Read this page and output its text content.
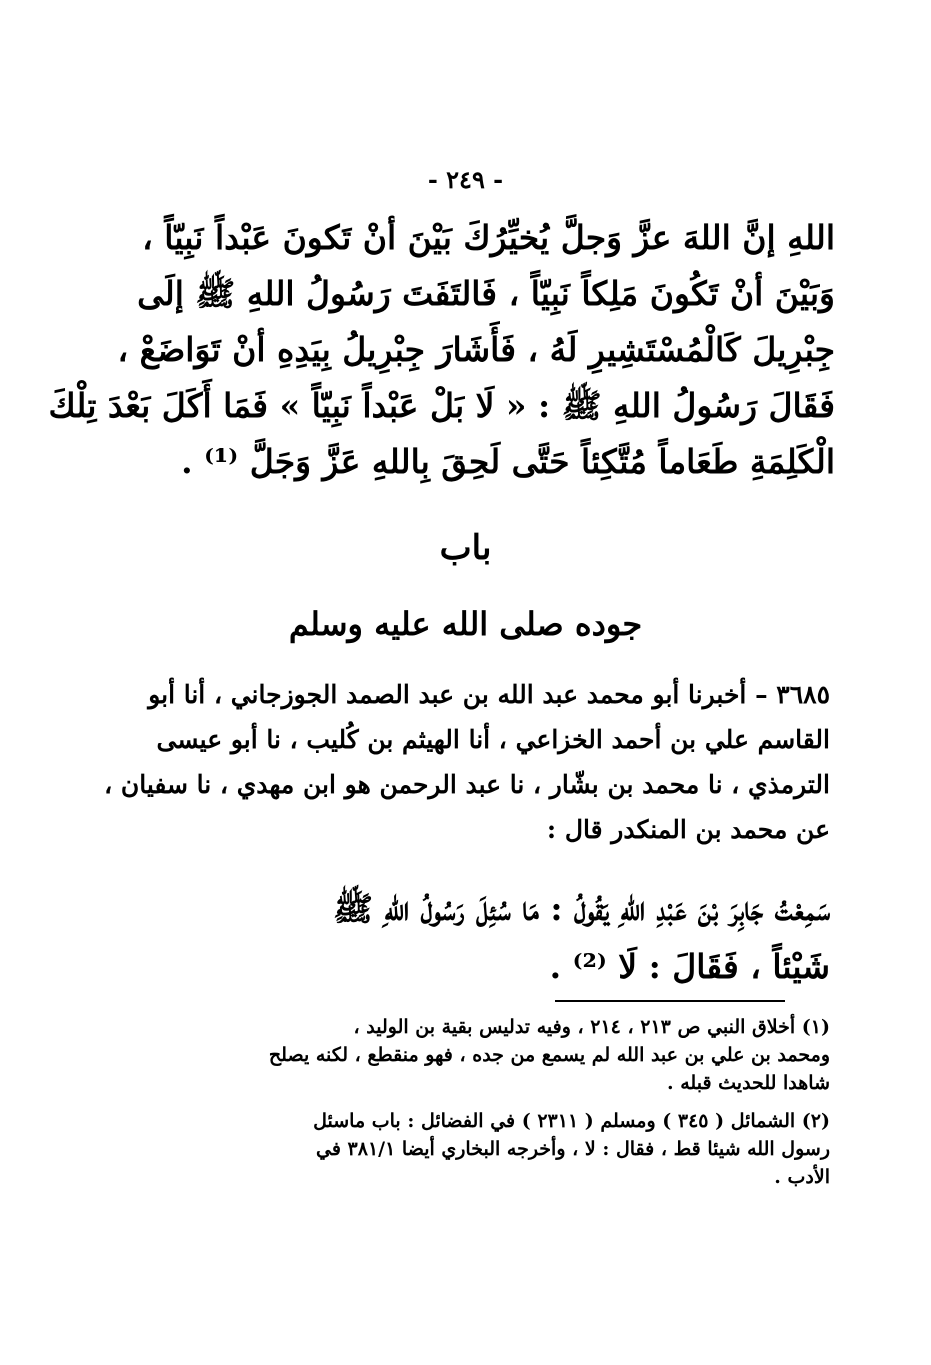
- ٢٤٩ -
اللهِ إنَّ اللهَ عزَّ وَجلَّ يُخيِّرُكَ بَيْنَ أنْ تَكونَ عَبْداً نَبِيّاً ،
وَبَيْنَ أنْ تَكُونَ مَلِكاً نَبِيّاً ، فَالتَفَتَ رَسُولُ اللهِ ﷺ إلَى
جِبْرِيلَ كَالْمُسْتَشِيرِ لَهُ ، فَأَشَارَ جِبْرِيلُ بِيَدِهِ أنْ تَوَاضَعْ ،
فَقَالَ رَسُولُ اللهِ ﷺ : « لَا بَلْ عَبْداً نَبِيّاً » فَمَا أَكَلَ بَعْدَ تِلْكَ
الْكَلِمَةِ طَعَاماً مُتَّكِئاً حَتَّى لَحِقَ بِاللهِ عَزَّ وَجَلَّ ⁽¹⁾ .
باب
جوده صلى الله عليه وسلم
٣٦٨٥ – أخبرنا أبو محمد عبد الله بن عبد الصمد الجوزجاني ، أنا أبو
القاسم علي بن أحمد الخزاعي ، أنا الهيثم بن كُليب ، نا أبو عيسى
الترمذي ، نا محمد بن بشّار ، نا عبد الرحمن هو ابن مهدي ، نا سفيان ،
عن محمد بن المنكدر قال :
سَمِعْتُ جَابِرَ بْنَ عَبْدِ اللهِ يَقُولُ : مَا سُئِلَ رَسُولُ اللهِ ﷺ
شَيْئاً ، فَقَالَ : لَا ⁽²⁾ .
(١) أخلاق النبي ص ٢١٣ ، ٢١٤ ، وفيه تدليس بقية بن الوليد ،
ومحمد بن علي بن عبد الله لم يسمع من جده ، فهو منقطع ، لكنه يصلح
شاهدا للحديث قبله .
(٢) الشمائل ( ٣٤٥ ) ومسلم ( ٢٣١١ ) في الفضائل : باب ماسئل
رسول الله شيئا قط ، فقال : لا ، وأخرجه البخاري أيضا ٣٨١/١ في
الأدب .
